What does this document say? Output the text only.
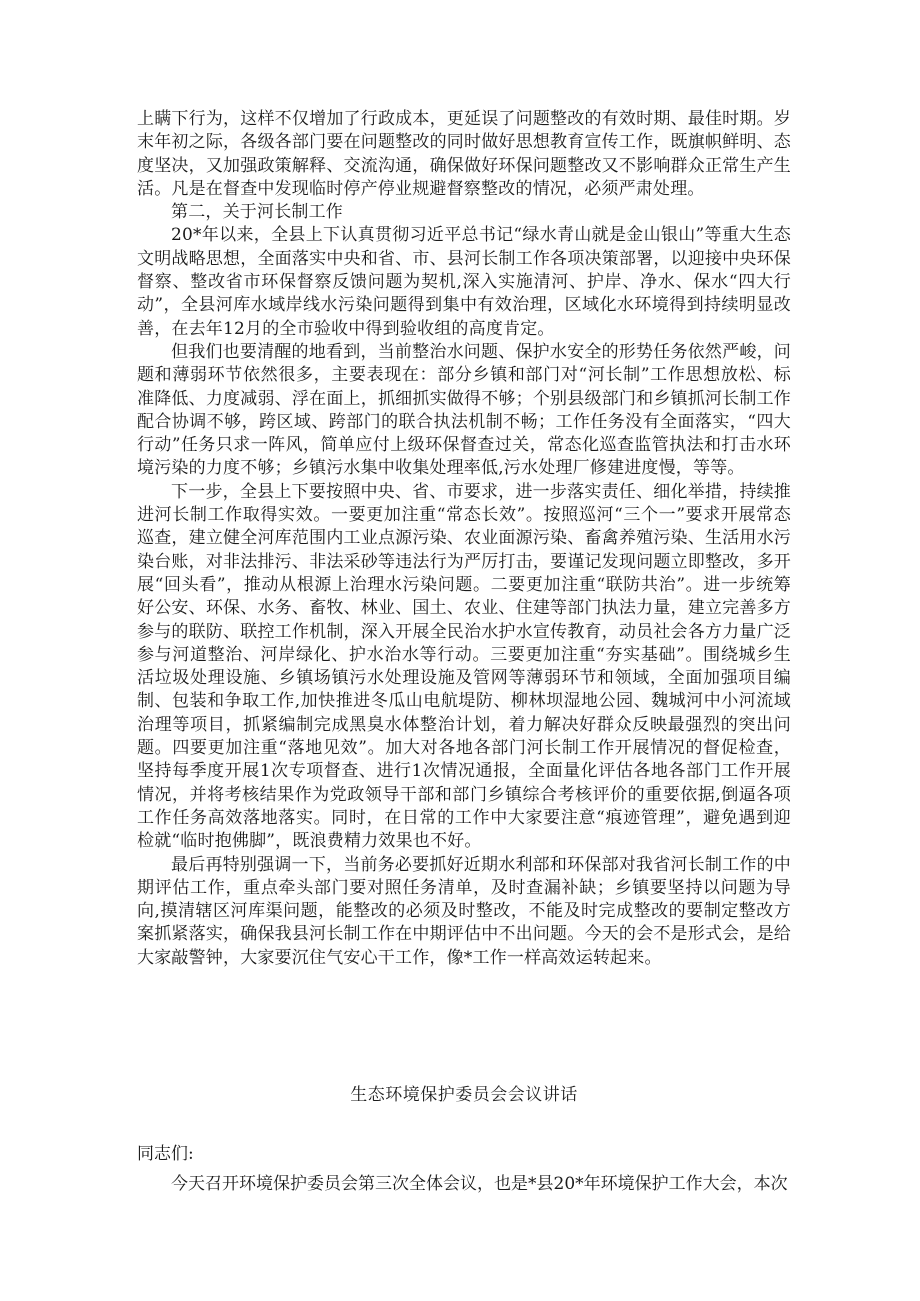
上瞒下行为，这样不仅增加了行政成本，更延误了问题整改的有效时期、最佳时期。岁末年初之际，各级各部门要在问题整改的同时做好思想教育宣传工作，既旗帜鲜明、态度坚决，又加强政策解释、交流沟通，确保做好环保问题整改又不影响群众正常生产生活。凡是在督查中发现临时停产停业规避督察整改的情况，必须严肃处理。

第二，关于河长制工作

20*年以来，全县上下认真贯彻习近平总书记“绿水青山就是金山银山”等重大生态文明战略思想，全面落实中央和省、市、县河长制工作各项决策部署，以迎接中央环保督察、整改省市环保督察反馈问题为契机,深入实施清河、护岸、净水、保水“四大行动”，全县河库水域岸线水污染问题得到集中有效治理，区域化水环境得到持续明显改善，在去年12月的全市验收中得到验收组的高度肯定。

但我们也要清醒的地看到，当前整治水问题、保护水安全的形势任务依然严峻，问题和薄弱环节依然很多，主要表现在：部分乡镇和部门对“河长制”工作思想放松、标准降低、力度减弱、浮在面上，抓细抓实做得不够；个别县级部门和乡镇抓河长制工作配合协调不够，跨区域、跨部门的联合执法机制不畅；工作任务没有全面落实，“四大行动”任务只求一阵风，简单应付上级环保督查过关，常态化巡查监管执法和打击水环境污染的力度不够；乡镇污水集中收集处理率低,污水处理厂修建进度慢，等等。

下一步，全县上下要按照中央、省、市要求，进一步落实责任、细化举措，持续推进河长制工作取得实效。一要更加注重“常态长效”。按照巡河“三个一”要求开展常态巡查，建立健全河库范围内工业点源污染、农业面源污染、畜禽养殖污染、生活用水污染台账，对非法排污、非法采砂等违法行为严厉打击，要谨记发现问题立即整改，多开展“回头看”，推动从根源上治理水污染问题。二要更加注重“联防共治”。进一步统筹好公安、环保、水务、畜牧、林业、国土、农业、住建等部门执法力量，建立完善多方参与的联防、联控工作机制，深入开展全民治水护水宣传教育，动员社会各方力量广泛参与河道整治、河岸绿化、护水治水等行动。三要更加注重“夯实基础”。围绕城乡生活垃圾处理设施、乡镇场镇污水处理设施及管网等薄弱环节和领域，全面加强项目编制、包装和争取工作,加快推进冬瓜山电航堤防、柳林坝湿地公园、魏城河中小河流域治理等项目，抓紧编制完成黑臭水体整治计划，着力解决好群众反映最强烈的突出问题。四要更加注重“落地见效”。加大对各地各部门河长制工作开展情况的督促检查，坚持每季度开展1次专项督查、进行1次情况通报，全面量化评估各地各部门工作开展情况，并将考核结果作为党政领导干部和部门乡镇综合考核评价的重要依据,倒逼各项工作任务高效落地落实。同时，在日常的工作中大家要注意“痕迹管理”，避免遇到迎检就“临时抱佛脚”，既浪费精力效果也不好。

最后再特别强调一下，当前务必要抓好近期水利部和环保部对我省河长制工作的中期评估工作，重点牵头部门要对照任务清单，及时查漏补缺；乡镇要坚持以问题为导向,摸清辖区河库渠问题，能整改的必须及时整改，不能及时完成整改的要制定整改方案抓紧落实，确保我县河长制工作在中期评估中不出问题。今天的会不是形式会，是给大家敲警钟，大家要沉住气安心干工作，像*工作一样高效运转起来。

生态环境保护委员会会议讲话

同志们:

今天召开环境保护委员会第三次全体会议，也是*县20*年环境保护工作大会，本次
